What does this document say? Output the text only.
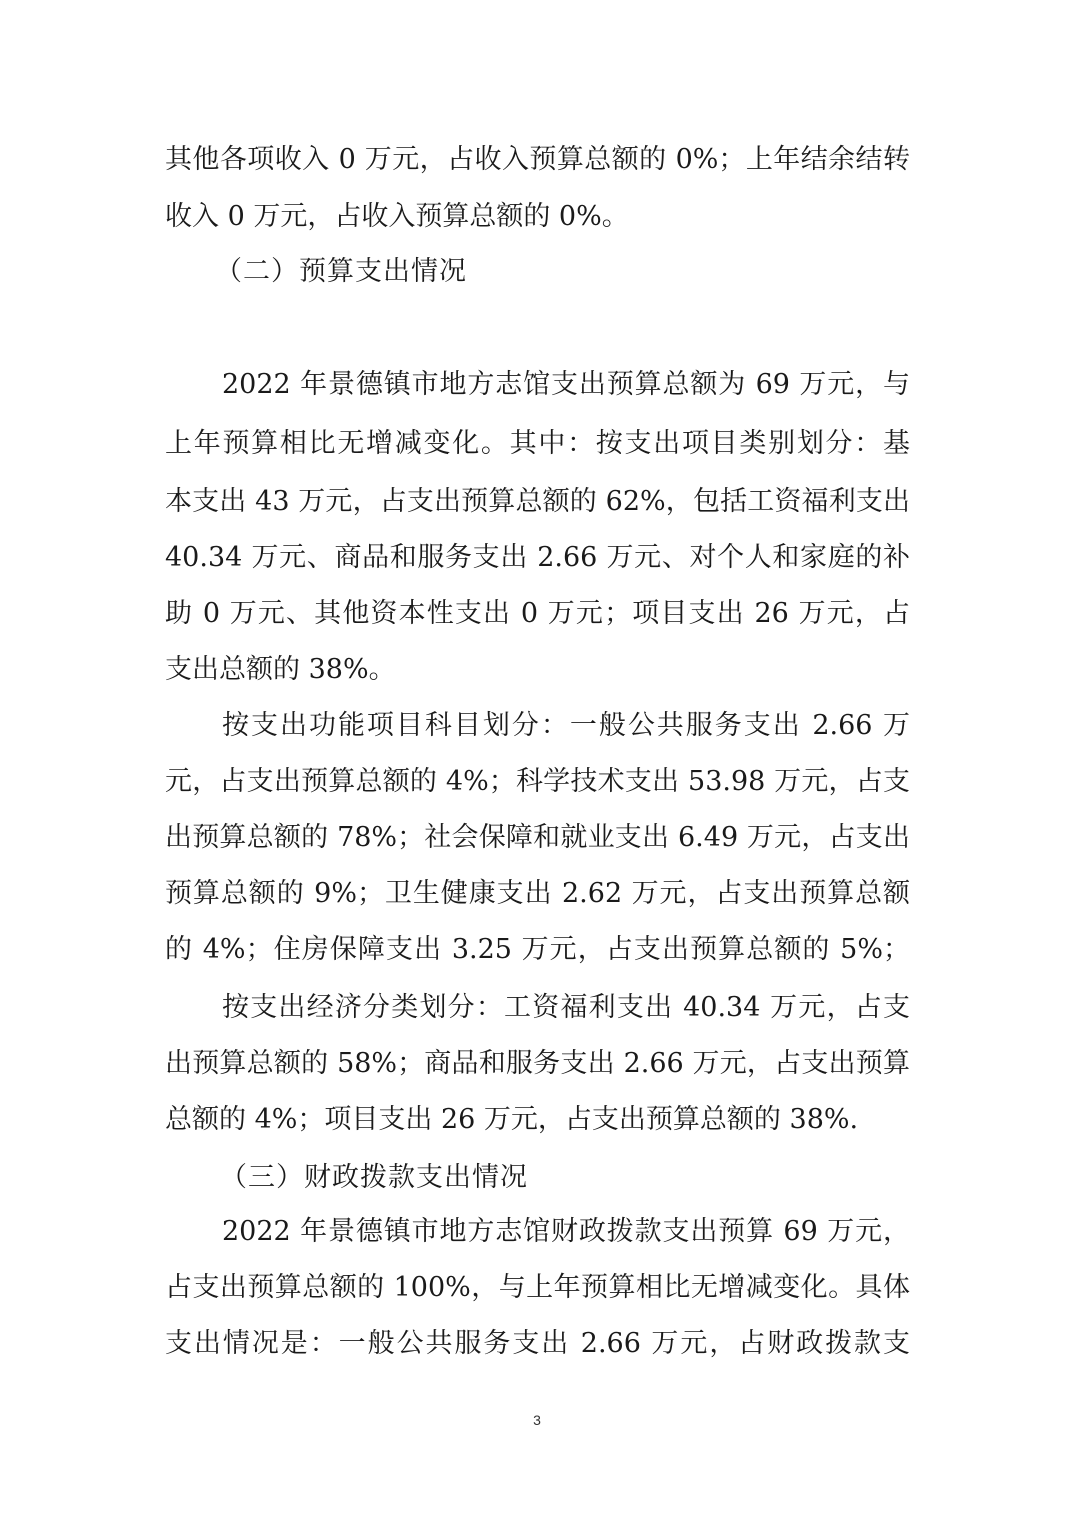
其他各项收入 0 万元，占收入预算总额的 0%；上年结余结转
收入 0 万元，占收入预算总额的 0%。
（二）预算支出情况
2022 年景德镇市地方志馆支出预算总额为 69 万元，与
上年预算相比无增减变化。其中：按支出项目类别划分：基
本支出 43 万元，占支出预算总额的 62%，包括工资福利支出
40.34 万元、商品和服务支出 2.66 万元、对个人和家庭的补
助 0 万元、其他资本性支出 0 万元；项目支出 26 万元，占
支出总额的 38%。
按支出功能项目科目划分：一般公共服务支出 2.66 万
元，占支出预算总额的 4%；科学技术支出 53.98 万元，占支
出预算总额的 78%；社会保障和就业支出 6.49 万元，占支出
预算总额的 9%；卫生健康支出 2.62 万元，占支出预算总额
的 4%；住房保障支出 3.25 万元，占支出预算总额的 5%；
按支出经济分类划分：工资福利支出 40.34 万元，占支
出预算总额的 58%；商品和服务支出 2.66 万元，占支出预算
总额的 4%；项目支出 26 万元，占支出预算总额的 38%.
（三）财政拨款支出情况
2022 年景德镇市地方志馆财政拨款支出预算 69 万元，
占支出预算总额的 100%，与上年预算相比无增减变化。具体
支出情况是：一般公共服务支出 2.66 万元，占财政拨款支
3
